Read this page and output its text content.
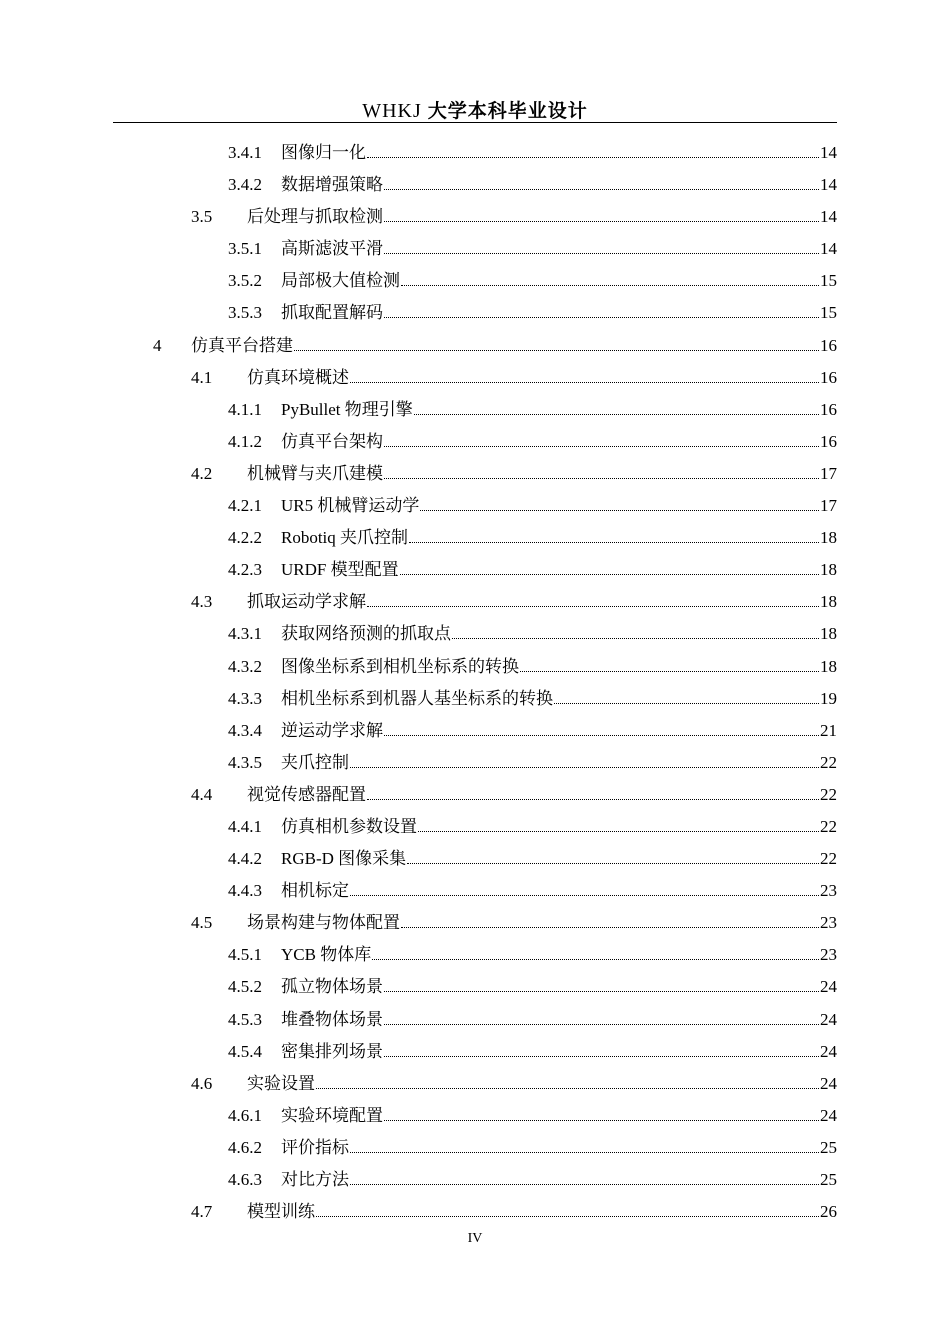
WHKJ 大学本科毕业设计
3.4.1 图像归一化	14
3.4.2 数据增强策略	14
3.5 后处理与抓取检测	14
3.5.1 高斯滤波平滑	14
3.5.2 局部极大值检测	15
3.5.3 抓取配置解码	15
4 仿真平台搭建	16
4.1 仿真环境概述	16
4.1.1 PyBullet 物理引擎	16
4.1.2 仿真平台架构	16
4.2 机械臂与夹爪建模	17
4.2.1 UR5 机械臂运动学	17
4.2.2 Robotiq 夹爪控制	18
4.2.3 URDF 模型配置	18
4.3 抓取运动学求解	18
4.3.1 获取网络预测的抓取点	18
4.3.2 图像坐标系到相机坐标系的转换	18
4.3.3 相机坐标系到机器人基坐标系的转换	19
4.3.4 逆运动学求解	21
4.3.5 夹爪控制	22
4.4 视觉传感器配置	22
4.4.1 仿真相机参数设置	22
4.4.2 RGB-D 图像采集	22
4.4.3 相机标定	23
4.5 场景构建与物体配置	23
4.5.1 YCB 物体库	23
4.5.2 孤立物体场景	24
4.5.3 堆叠物体场景	24
4.5.4 密集排列场景	24
4.6 实验设置	24
4.6.1 实验环境配置	24
4.6.2 评价指标	25
4.6.3 对比方法	25
4.7 模型训练	26
IV
